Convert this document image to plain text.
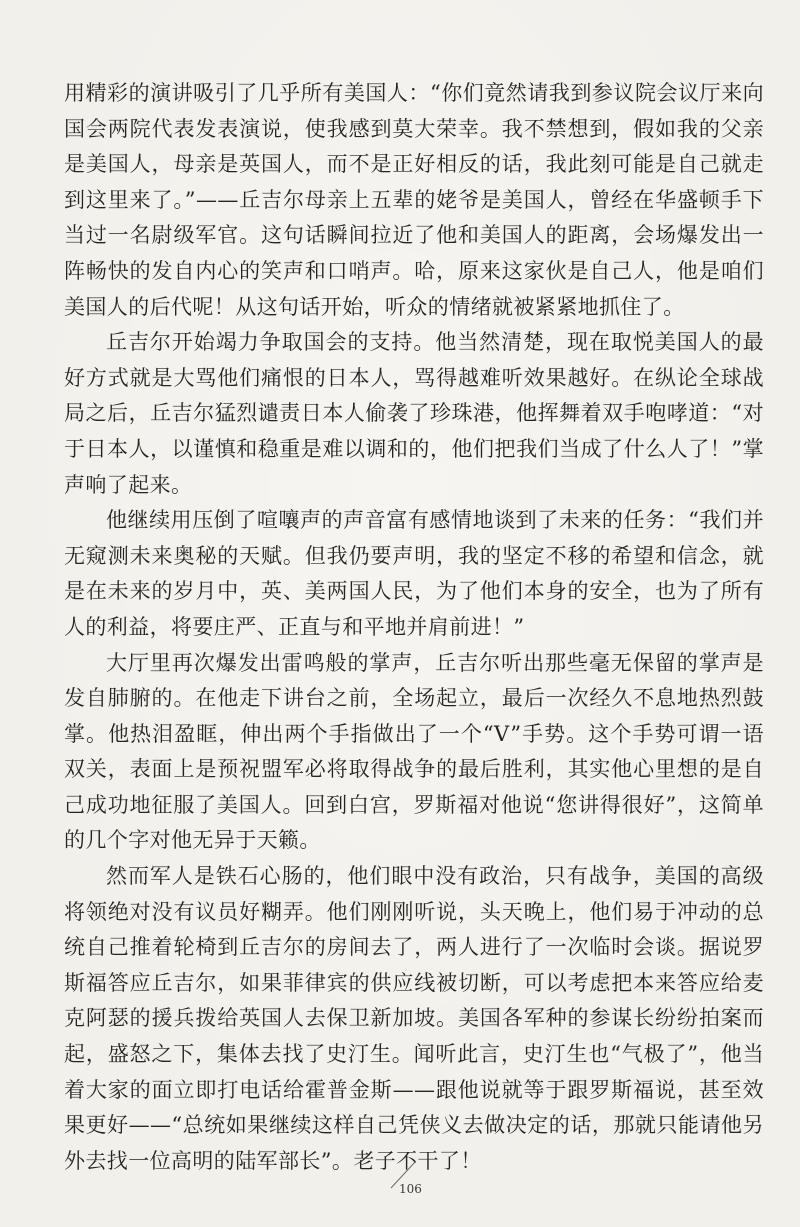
用精彩的演讲吸引了几乎所有美国人：“你们竟然请我到参议院会议厅来向国会两院代表发表演说，使我感到莫大荣幸。我不禁想到，假如我的父亲是美国人，母亲是英国人，而不是正好相反的话，我此刻可能是自己就走到这里来了。”——丘吉尔母亲上五辈的姥爷是美国人，曾经在华盛顿手下当过一名尉级军官。这句话瞬间拉近了他和美国人的距离，会场爆发出一阵畅快的发自内心的笑声和口哨声。哈，原来这家伙是自己人，他是咱们美国人的后代呢！从这句话开始，听众的情绪就被紧紧地抓住了。

丘吉尔开始竭力争取国会的支持。他当然清楚，现在取悦美国人的最好方式就是大骂他们痛恨的日本人，骂得越难听效果越好。在纵论全球战局之后，丘吉尔猛烈谴责日本人偷袭了珍珠港，他挥舞着双手咆哮道：“对于日本人，以谨慎和稳重是难以调和的，他们把我们当成了什么人了！”掌声响了起来。

他继续用压倒了喧嚷声的声音富有感情地谈到了未来的任务：“我们并无窥测未来奥秘的天赋。但我仍要声明，我的坚定不移的希望和信念，就是在未来的岁月中，英、美两国人民，为了他们本身的安全，也为了所有人的利益，将要庄严、正直与和平地并肩前进！”

大厅里再次爆发出雷鸣般的掌声，丘吉尔听出那些毫无保留的掌声是发自肺腑的。在他走下讲台之前，全场起立，最后一次经久不息地热烈鼓掌。他热泪盈眶，伸出两个手指做出了一个“V”手势。这个手势可谓一语双关，表面上是预祝盟军必将取得战争的最后胜利，其实他心里想的是自己成功地征服了美国人。回到白宫，罗斯福对他说“您讲得很好”，这简单的几个字对他无异于天籁。

然而军人是铁石心肠的，他们眼中没有政治，只有战争，美国的高级将领绝对没有议员好糊弄。他们刚刚听说，头天晚上，他们易于冲动的总统自己推着轮椅到丘吉尔的房间去了，两人进行了一次临时会谈。据说罗斯福答应丘吉尔，如果菲律宾的供应线被切断，可以考虑把本来答应给麦克阿瑟的援兵拨给英国人去保卫新加坡。美国各军种的参谋长纷纷拍案而起，盛怒之下，集体去找了史汀生。闻听此言，史汀生也“气极了”，他当着大家的面立即打电话给霍普金斯——跟他说就等于跟罗斯福说，甚至效果更好——“总统如果继续这样自己凭侠义去做决定的话，那就只能请他另外去找一位高明的陆军部长”。老子不干了！

106
